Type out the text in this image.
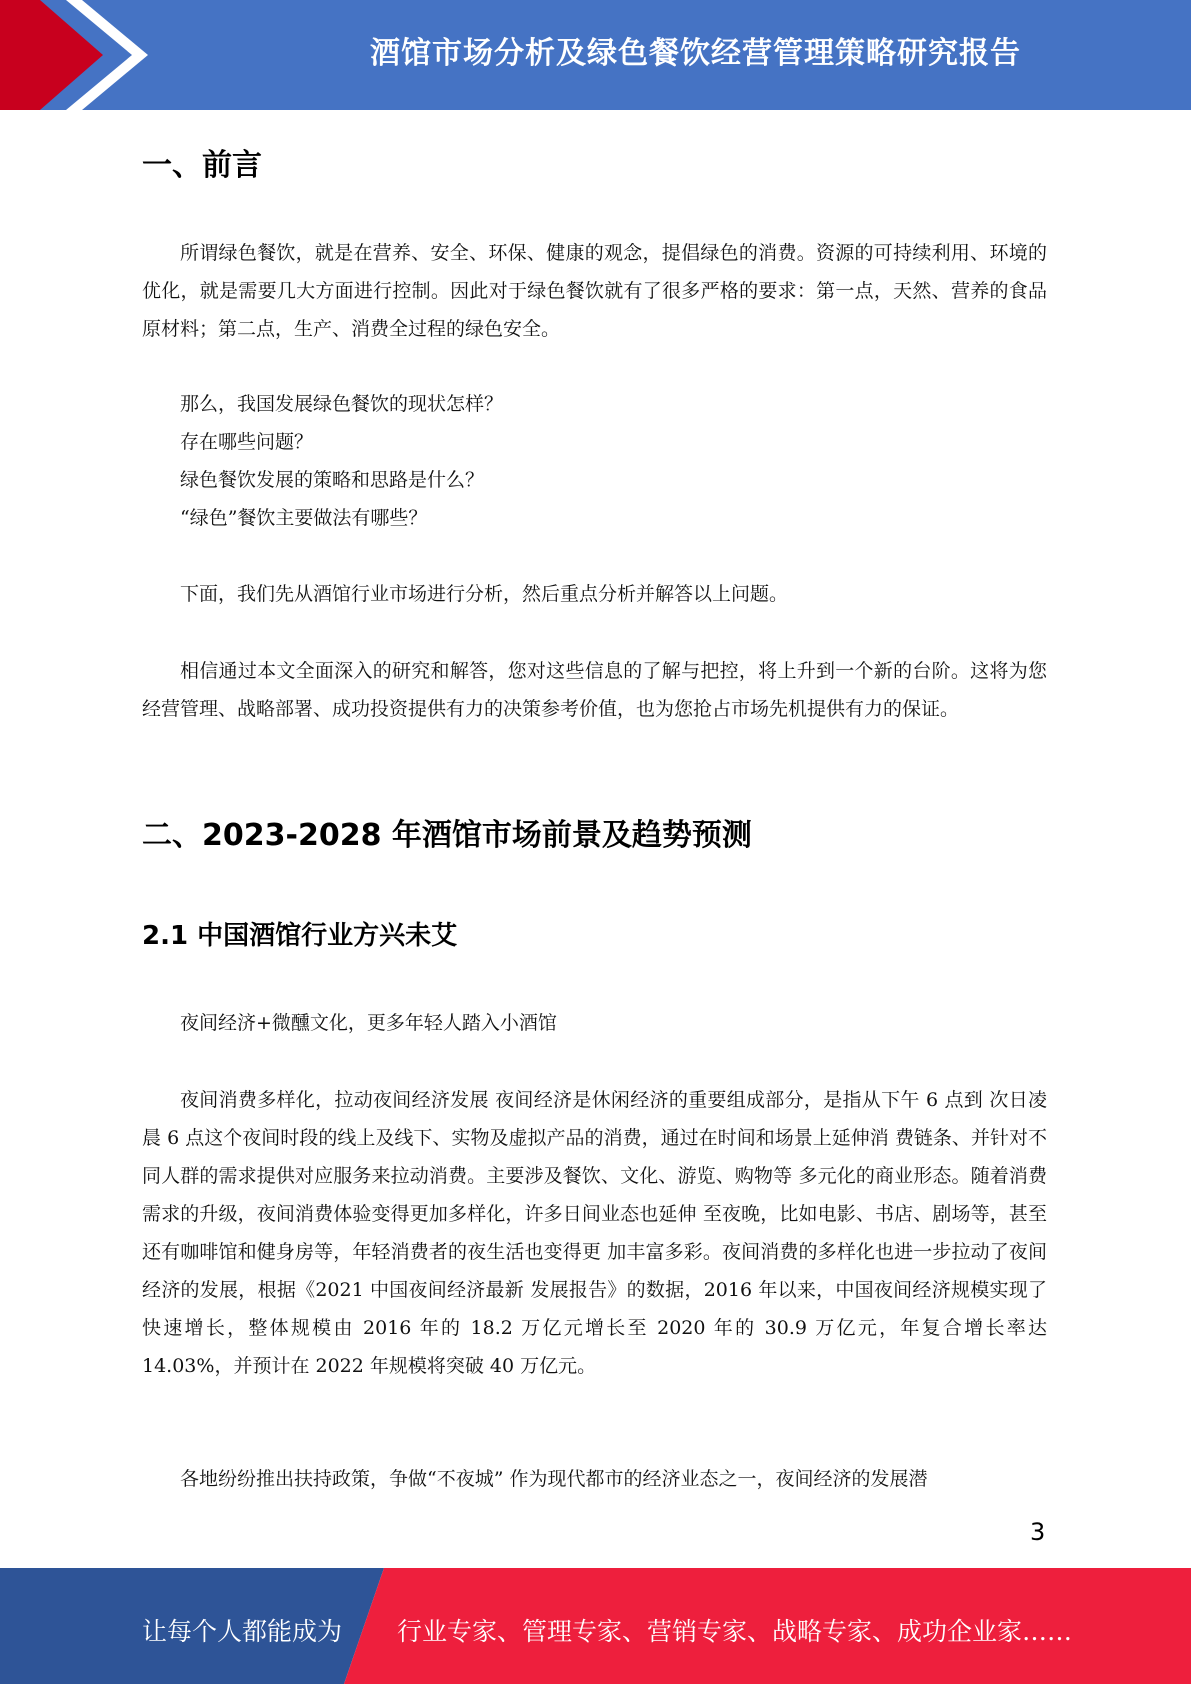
酒馆市场分析及绿色餐饮经营管理策略研究报告
一、前言

所谓绿色餐饮，就是在营养、安全、环保、健康的观念，提倡绿色的消费。资源的可持续利用、环境的优化，就是需要几大方面进行控制。因此对于绿色餐饮就有了很多严格的要求：第一点，天然、营养的食品原材料；第二点，生产、消费全过程的绿色安全。

那么，我国发展绿色餐饮的现状怎样？
存在哪些问题？
绿色餐饮发展的策略和思路是什么？
“绿色”餐饮主要做法有哪些？

下面，我们先从酒馆行业市场进行分析，然后重点分析并解答以上问题。

相信通过本文全面深入的研究和解答，您对这些信息的了解与把控，将上升到一个新的台阶。这将为您经营管理、战略部署、成功投资提供有力的决策参考价值，也为您抢占市场先机提供有力的保证。

二、2023-2028 年酒馆市场前景及趋势预测
2.1 中国酒馆行业方兴未艾

夜间经济+微醺文化，更多年轻人踏入小酒馆

夜间消费多样化，拉动夜间经济发展 夜间经济是休闲经济的重要组成部分，是指从下午 6 点到 次日凌晨 6 点这个夜间时段的线上及线下、实物及虚拟产品的消费，通过在时间和场景上延伸消 费链条、并针对不同人群的需求提供对应服务来拉动消费。主要涉及餐饮、文化、游览、购物等 多元化的商业形态。随着消费需求的升级，夜间消费体验变得更加多样化，许多日间业态也延伸 至夜晚，比如电影、书店、剧场等，甚至还有咖啡馆和健身房等，年轻消费者的夜生活也变得更 加丰富多彩。夜间消费的多样化也进一步拉动了夜间经济的发展，根据《2021 中国夜间经济最新 发展报告》的数据，2016 年以来，中国夜间经济规模实现了快速增长，整体规模由 2016 年的 18.2 万亿元增长至 2020 年的 30.9 万亿元，年复合增长率达 14.03%，并预计在 2022 年规模将突破 40 万亿元。

各地纷纷推出扶持政策，争做“不夜城” 作为现代都市的经济业态之一，夜间经济的发展潜

3
让每个人都能成为 行业专家、管理专家、营销专家、战略专家、成功企业家……
